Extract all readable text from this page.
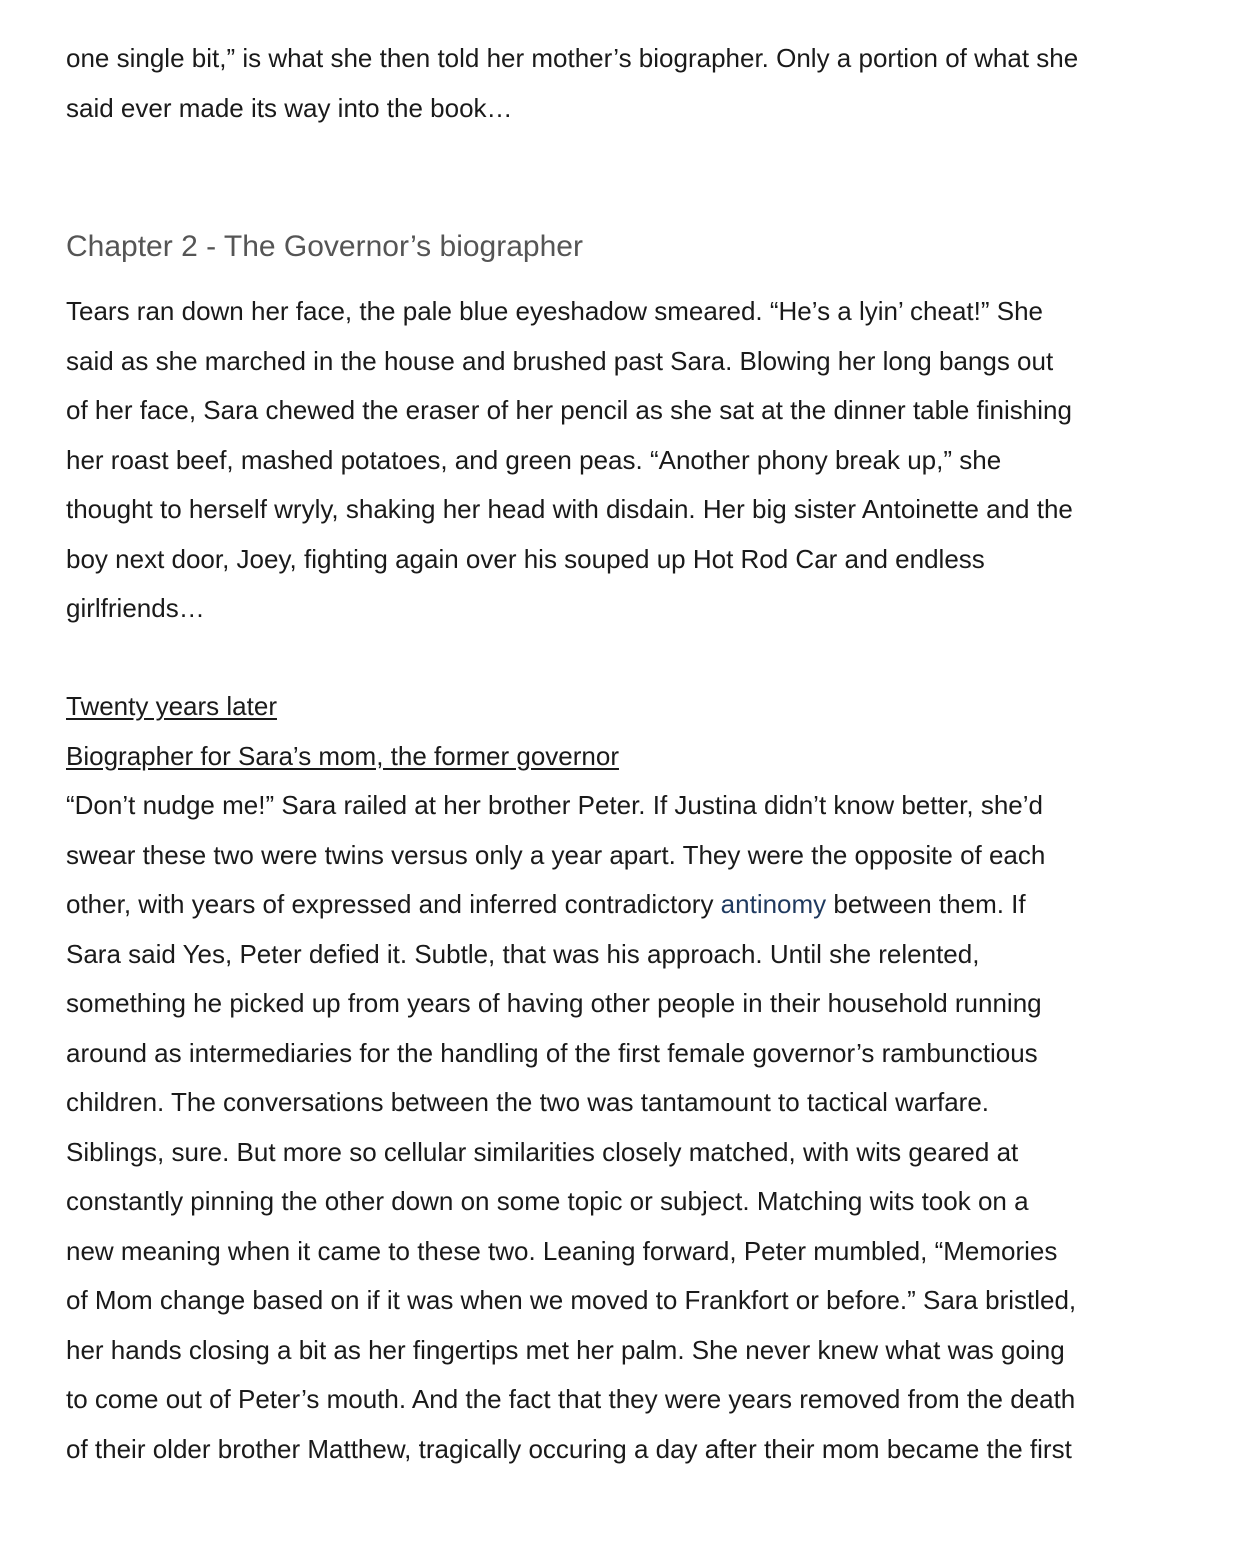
one single bit,” is what she then told her mother’s biographer. Only a portion of what she
said ever made its way into the book…
Chapter 2 - The Governor’s biographer
Tears ran down her face, the pale blue eyeshadow smeared. “He’s a lyin’ cheat!” She
said as she marched in the house and brushed past Sara. Blowing her long bangs out
of her face, Sara chewed the eraser of her pencil as she sat at the dinner table finishing
her roast beef, mashed potatoes, and green peas. “Another phony break up,” she
thought to herself wryly, shaking her head with disdain. Her big sister Antoinette and the
boy next door, Joey, fighting again over his souped up Hot Rod Car and endless
girlfriends…
Twenty years later
Biographer for Sara’s mom, the former governor
“Don’t nudge me!” Sara railed at her brother Peter. If Justina didn’t know better, she’d
swear these two were twins versus only a year apart. They were the opposite of each
other, with years of expressed and inferred contradictory antinomy between them. If
Sara said Yes, Peter defied it. Subtle, that was his approach. Until she relented,
something he picked up from years of having other people in their household running
around as intermediaries for the handling of the first female governor’s rambunctious
children. The conversations between the two was tantamount to tactical warfare.
Siblings, sure. But more so cellular similarities closely matched, with wits geared at
constantly pinning the other down on some topic or subject. Matching wits took on a
new meaning when it came to these two. Leaning forward, Peter mumbled, “Memories
of Mom change based on if it was when we moved to Frankfort or before.” Sara bristled,
her hands closing a bit as her fingertips met her palm. She never knew what was going
to come out of Peter’s mouth. And the fact that they were years removed from the death
of their older brother Matthew, tragically occuring a day after their mom became the first
